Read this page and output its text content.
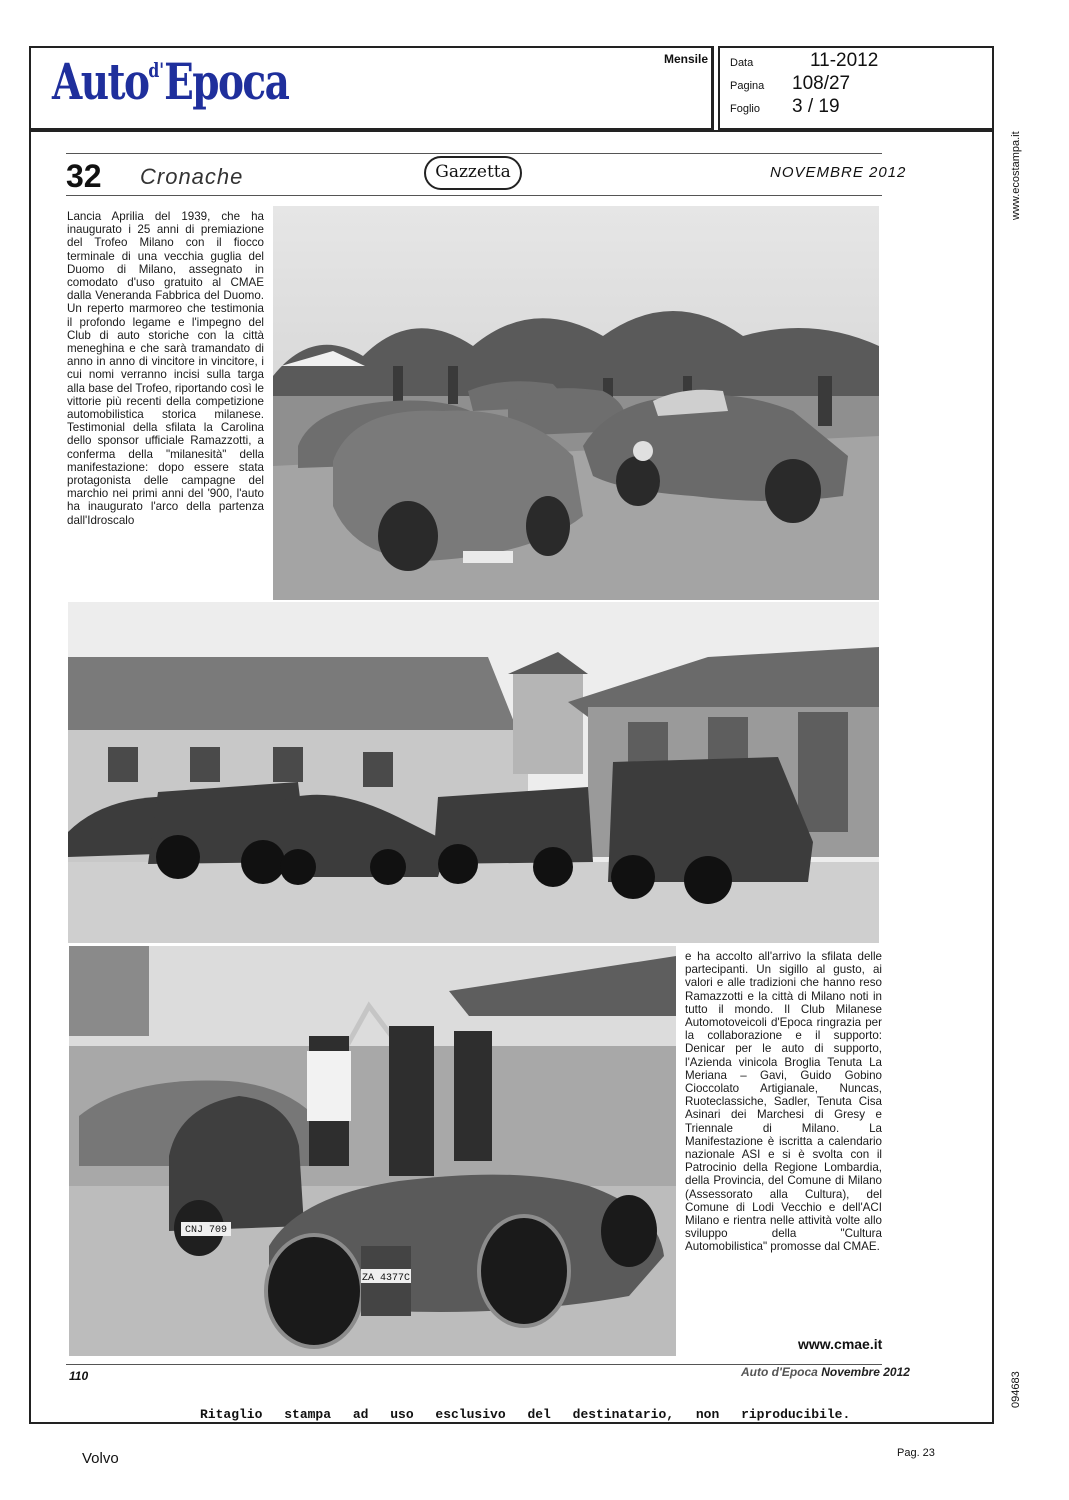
Auto$^{d'}$Epoca	Mensile Data	11-2012
Pagina 108/27
Foglio 3 / 19
32 Cronache	Gazzetta	NOVEMBRE 2012
Lancia Aprilia del 1939, che ha inaugurato i 25 anni di premiazione del Trofeo Milano con il fiocco terminale di una vecchia guglia del Duomo di Milano, assegnato in comodato d'uso gratuito al CMAE dalla Veneranda Fabbrica del Duomo. Un reperto marmoreo che testimonia il profondo legame e l'impegno del Club di auto storiche con la città meneghina e che sarà tramandato di anno in anno di vincitore in vincitore, i cui nomi verranno incisi sulla targa alla base del Trofeo, riportando così le vittorie più recenti della competizione automobilistica storica milanese. Testimonial della sfilata la Carolina dello sponsor ufficiale Ramazzotti, a conferma della "milanesità" della manifestazione: dopo essere stata protagonista delle campagne del marchio nei primi anni del '900, l'auto ha inaugurato l'arco della partenza dall'Idroscalo
ZA 4377C
CNJ 709
e ha accolto all'arrivo la sfilata delle partecipanti. Un sigillo al gusto, ai valori e alle tradizioni che hanno reso Ramazzotti e la città di Milano noti in tutto il mondo. Il Club Milanese Automotoveicoli d'Epoca ringrazia per la collaborazione e il supporto: Denicar per le auto di supporto, l'Azienda vinicola Broglia Tenuta La Meriana – Gavi, Guido Gobino Cioccolato Artigianale, Nuncas, Ruoteclassiche, Sadler, Tenuta Cisa Asinari dei Marchesi di Gresy e Triennale di Milano. La Manifestazione è iscritta a calendario nazionale ASI e si è svolta con il Patrocinio della Regione Lombardia, della Provincia, del Comune di Milano (Assessorato alla Cultura), del Comune di Lodi Vecchio e dell'ACI Milano e rientra nelle attività volte allo sviluppo della "Cultura Automobilistica" promosse dal CMAE.
www.cmae.it
110	Auto d'Epoca Novembre 2012
Ritaglio stampa ad uso esclusivo del destinatario, non riproducibile.
www.ecostampa.it
094683
Volvo	Pag. 23
